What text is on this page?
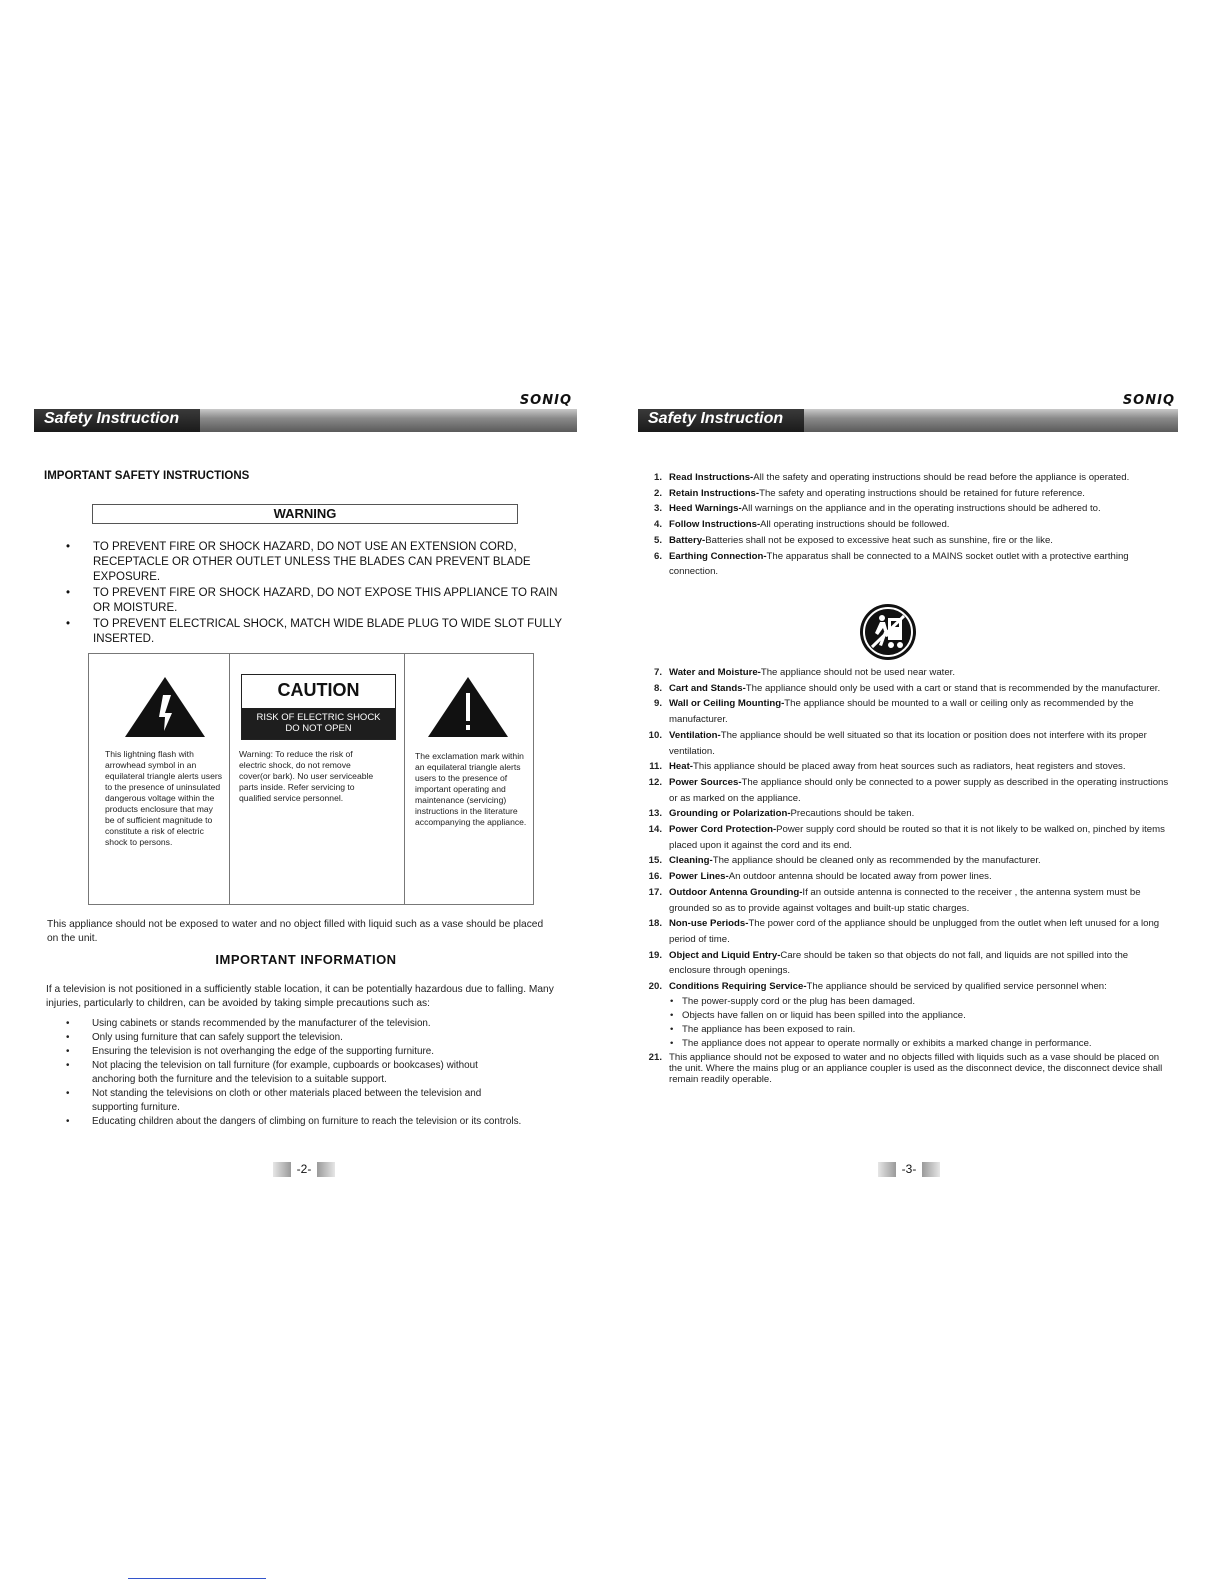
SONIQ
Safety Instruction
IMPORTANT SAFETY INSTRUCTIONS
WARNING
• TO PREVENT FIRE OR SHOCK HAZARD, DO NOT USE AN EXTENSION CORD, RECEPTACLE OR OTHER OUTLET UNLESS THE BLADES CAN PREVENT BLADE EXPOSURE.
• TO PREVENT FIRE OR SHOCK HAZARD, DO NOT EXPOSE THIS APPLIANCE TO RAIN OR MOISTURE.
• TO PREVENT ELECTRICAL SHOCK, MATCH WIDE BLADE PLUG TO WIDE SLOT FULLY INSERTED.
This lightning flash with arrowhead symbol in an equilateral triangle alerts users to the presence of uninsulated dangerous voltage within the products enclosure that may be of sufficient magnitude to constitute a risk of electric shock to persons.
CAUTION
RISK OF ELECTRIC SHOCK
DO NOT OPEN
Warning: To reduce the risk of electric shock, do not remove cover(or bark). No user serviceable parts inside. Refer servicing to qualified service personnel.
The exclamation mark within an equilateral triangle alerts users to the presence of important operating and maintenance (servicing) instructions in the literature accompanying the appliance.
This appliance should not be exposed to water and no object filled with liquid such as a vase should be placed on the unit.
IMPORTANT INFORMATION
If a television is not positioned in a sufficiently stable location, it can be potentially hazardous due to falling. Many injuries, particularly to children, can be avoided by taking simple precautions such as:
• Using cabinets or stands recommended by the manufacturer of the television.
• Only using furniture that can safely support the television.
• Ensuring the television is not overhanging the edge of the supporting furniture.
• Not placing the television on tall furniture (for example, cupboards or bookcases) without anchoring both the furniture and the television to a suitable support.
• Not standing the televisions on cloth or other materials placed between the television and supporting furniture.
• Educating children about the dangers of climbing on furniture to reach the television or its controls.
-2-
SONIQ
Safety Instruction
1. Read Instructions-All the safety and operating instructions should be read before the appliance is operated.
2. Retain Instructions-The safety and operating instructions should be retained for future reference.
3. Heed Warnings-All warnings on the appliance and in the operating instructions should be adhered to.
4. Follow Instructions-All operating instructions should be followed.
5. Battery-Batteries shall not be exposed to excessive heat such as sunshine, fire or the like.
6. Earthing Connection-The apparatus shall be connected to a MAINS socket outlet with a protective earthing connection.
7. Water and Moisture-The appliance should not be used near water.
8. Cart and Stands-The appliance should only be used with a cart or stand that is recommended by the manufacturer.
9. Wall or Ceiling Mounting-The appliance should be mounted to a wall or ceiling only as recommended by the manufacturer.
10. Ventilation-The appliance should be well situated so that its location or position does not interfere with its proper ventilation.
11. Heat-This appliance should be placed away from heat sources such as radiators, heat registers and stoves.
12. Power Sources-The appliance should only be connected to a power supply as described in the operating instructions or as marked on the appliance.
13. Grounding or Polarization-Precautions should be taken.
14. Power Cord Protection-Power supply cord should be routed so that it is not likely to be walked on, pinched by items placed upon it against the cord and its end.
15. Cleaning-The appliance should be cleaned only as recommended by the manufacturer.
16. Power Lines-An outdoor antenna should be located away from power lines.
17. Outdoor Antenna Grounding-If an outside antenna is connected to the receiver , the antenna system must be grounded so as to provide against voltages and built-up static charges.
18. Non-use Periods-The power cord of the appliance should be unplugged from the outlet when left unused for a long period of time.
19. Object and Liquid Entry-Care should be taken so that objects do not fall, and liquids are not spilled into the enclosure through openings.
20. Conditions Requiring Service-The appliance should be serviced by qualified service personnel when:
• The power-supply cord or the plug has been damaged.
• Objects have fallen on or liquid has been spilled into the appliance.
• The appliance has been exposed to rain.
• The appliance does not appear to operate normally or exhibits a marked change in performance.
21. This appliance should not be exposed to water and no objects filled with liquids such as a vase should be placed on the unit. Where the mains plug or an appliance coupler is used as the disconnect device, the disconnect device shall remain readily operable.
-3-
